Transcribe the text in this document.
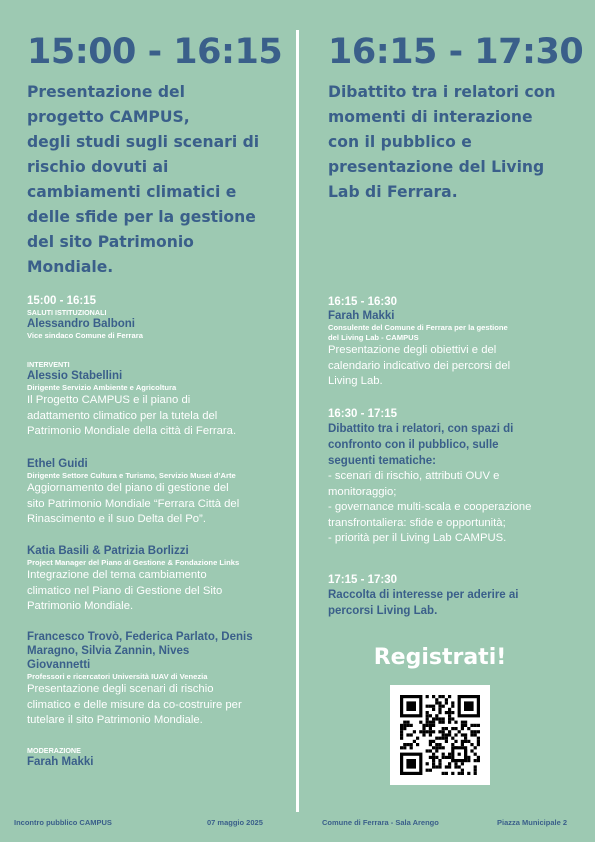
15:00 - 16:15
Presentazione del
progetto CAMPUS,
degli studi sugli scenari di
rischio dovuti ai
cambiamenti climatici e
delle sfide per la gestione
del sito Patrimonio
Mondiale.
15:00 - 16:15
SALUTI ISTITUZIONALI
Alessandro Balboni
Vice sindaco Comune di Ferrara
INTERVENTI
Alessio Stabellini
Dirigente Servizio Ambiente e Agricoltura
Il Progetto CAMPUS e il piano di
adattamento climatico per la tutela del
Patrimonio Mondiale della città di Ferrara.
Ethel Guidi
Dirigente Settore Cultura e Turismo, Servizio Musei d’Arte
Aggiornamento del piano di gestione del
sito Patrimonio Mondiale “Ferrara Città del
Rinascimento e il suo Delta del Po”.
Katia Basili & Patrizia Borlizzi
Project Manager del Piano di Gestione & Fondazione Links
Integrazione del tema cambiamento
climatico nel Piano di Gestione del Sito
Patrimonio Mondiale.
Francesco Trovò, Federica Parlato, Denis
Maragno, Silvia Zannin, Nives
Giovannetti
Professori e ricercatori Università IUAV di Venezia
Presentazione degli scenari di rischio
climatico e delle misure da co-costruire per
tutelare il sito Patrimonio Mondiale.
MODERAZIONE
Farah Makki
16:15 - 17:30
Dibattito tra i relatori con
momenti di interazione
con il pubblico e
presentazione del Living
Lab di Ferrara.
16:15 - 16:30
Farah Makki
Consulente del Comune di Ferrara per la gestione
del Living Lab - CAMPUS
Presentazione degli obiettivi e del
calendario indicativo dei percorsi del
Living Lab.
16:30 - 17:15
Dibattito tra i relatori, con spazi di
confronto con il pubblico, sulle
seguenti tematiche:
- scenari di rischio, attributi OUV e
monitoraggio;
- governance multi-scala e cooperazione
transfrontaliera: sfide e opportunità;
- priorità per il Living Lab CAMPUS.
17:15 - 17:30
Raccolta di interesse per aderire ai
percorsi Living Lab.
Registrati!
Incontro pubblico CAMPUS	07 maggio 2025	Comune di Ferrara - Sala Arengo	Piazza Municipale 2
